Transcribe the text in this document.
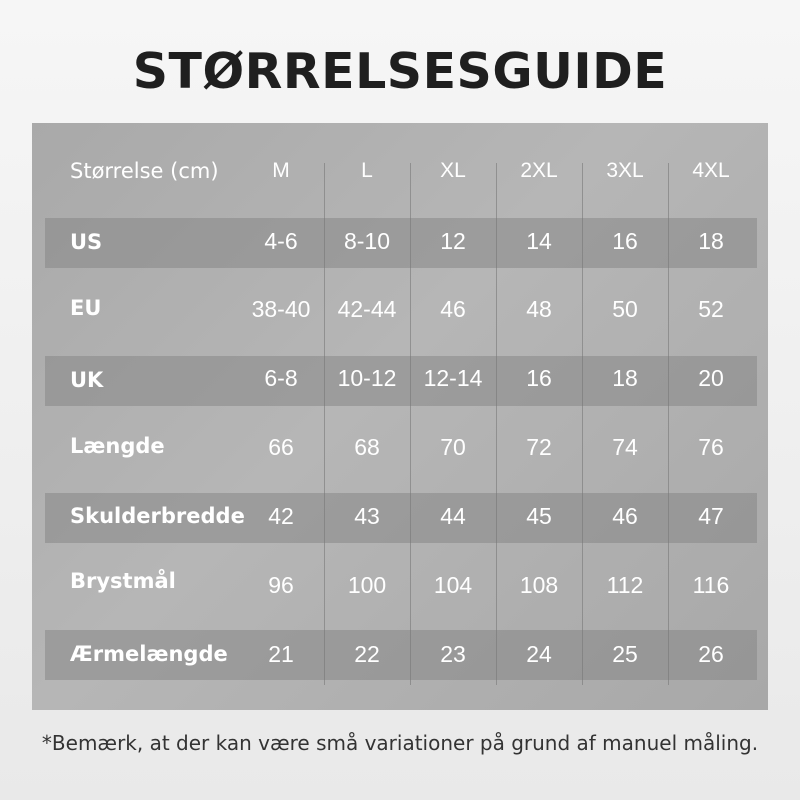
STØRRELSESGUIDE
Størrelse (cm)	M	L	XL	2XL	3XL	4XL
US	4-6	8-10	12	14	16	18
EU	38-40	42-44	46	48	50	52
UK	6-8	10-12	12-14	16	18	20
Længde	66	68	70	72	74	76
Skulderbredde	42	43	44	45	46	47
Brystmål	96	100	104	108	112	116
Ærmelængde	21	22	23	24	25	26

*Bemærk, at der kan være små variationer på grund af manuel måling.
